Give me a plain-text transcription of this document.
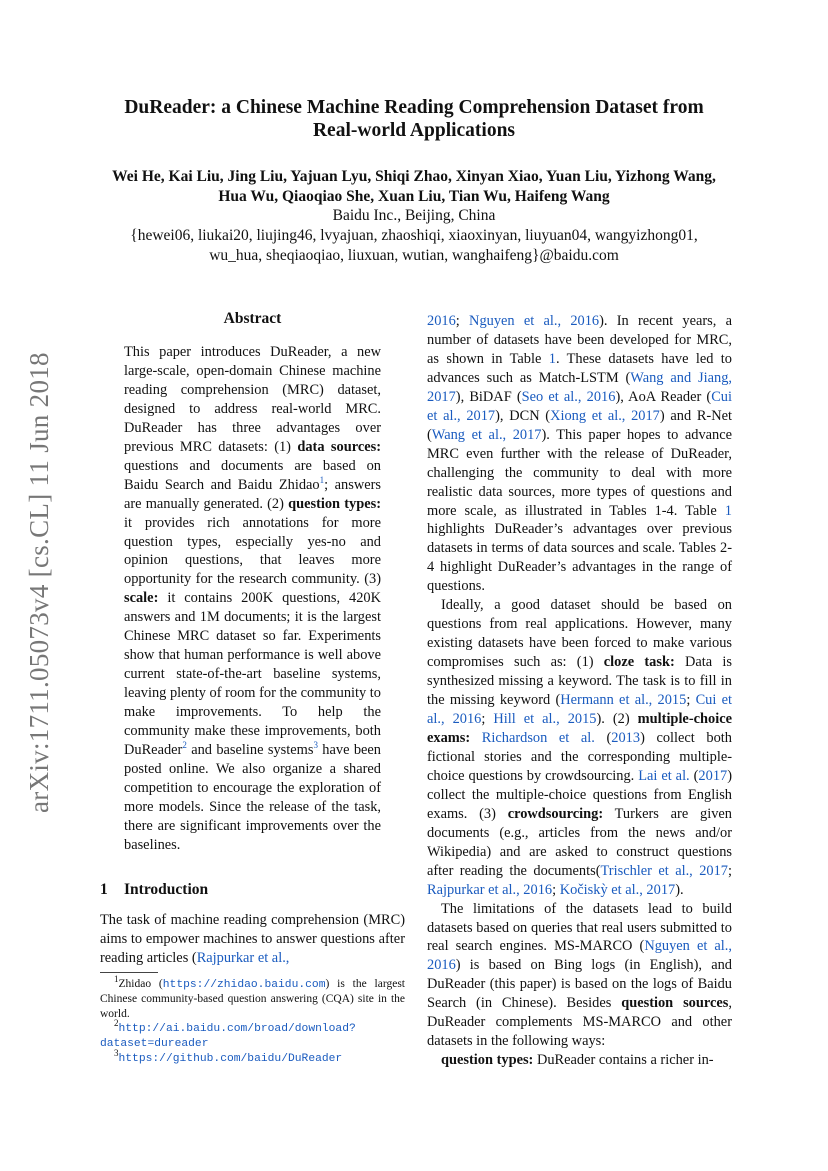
arXiv:1711.05073v4 [cs.CL] 11 Jun 2018
DuReader: a Chinese Machine Reading Comprehension Dataset from
Real-world Applications
Wei He, Kai Liu, Jing Liu, Yajuan Lyu, Shiqi Zhao, Xinyan Xiao, Yuan Liu, Yizhong Wang,
Hua Wu, Qiaoqiao She, Xuan Liu, Tian Wu, Haifeng Wang
Baidu Inc., Beijing, China
{hewei06, liukai20, liujing46, lvyajuan, zhaoshiqi, xiaoxinyan, liuyuan04, wangyizhong01,
wu_hua, sheqiaoqiao, liuxuan, wutian, wanghaifeng}@baidu.com
Abstract
This paper introduces DuReader, a new large-scale, open-domain Chinese machine reading comprehension (MRC) dataset, designed to address real-world MRC. DuReader has three advantages over previous MRC datasets: (1) data sources: questions and documents are based on Baidu Search and Baidu Zhidao$^1$; answers are manually generated. (2) question types: it provides rich annotations for more question types, especially yes-no and opinion questions, that leaves more opportunity for the research community. (3) scale: it contains 200K questions, 420K answers and 1M documents; it is the largest Chinese MRC dataset so far. Experiments show that human performance is well above current state-of-the-art baseline systems, leaving plenty of room for the community to make improvements. To help the community make these improvements, both DuReader$^2$ and baseline systems$^3$ have been posted online. We also organize a shared competition to encourage the exploration of more models. Since the release of the task, there are significant improvements over the baselines.
1 Introduction
The task of machine reading comprehension (MRC) aims to empower machines to answer questions after reading articles (Rajpurkar et al.,
$^1$Zhidao (https://zhidao.baidu.com) is the largest Chinese community-based question answering (CQA) site in the world.
$^2$http://ai.baidu.com/broad/download?
dataset=dureader
$^3$https://github.com/baidu/DuReader

2016; Nguyen et al., 2016). In recent years, a number of datasets have been developed for MRC, as shown in Table 1. These datasets have led to advances such as Match-LSTM (Wang and Jiang, 2017), BiDAF (Seo et al., 2016), AoA Reader (Cui et al., 2017), DCN (Xiong et al., 2017) and R-Net (Wang et al., 2017). This paper hopes to advance MRC even further with the release of DuReader, challenging the community to deal with more realistic data sources, more types of questions and more scale, as illustrated in Tables 1-4. Table 1 highlights DuReader’s advantages over previous datasets in terms of data sources and scale. Tables 2-4 highlight DuReader’s advantages in the range of questions.

Ideally, a good dataset should be based on questions from real applications. However, many existing datasets have been forced to make various compromises such as: (1) cloze task: Data is synthesized missing a keyword. The task is to fill in the missing keyword (Hermann et al., 2015; Cui et al., 2016; Hill et al., 2015). (2) multiple-choice exams: Richardson et al. (2013) collect both fictional stories and the corresponding multiple-choice questions by crowdsourcing. Lai et al. (2017) collect the multiple-choice questions from English exams. (3) crowdsourcing: Turkers are given documents (e.g., articles from the news and/or Wikipedia) and are asked to construct questions after reading the documents(Trischler et al., 2017; Rajpurkar et al., 2016; Kočiskỳ et al., 2017).

The limitations of the datasets lead to build datasets based on queries that real users submitted to real search engines. MS-MARCO (Nguyen et al., 2016) is based on Bing logs (in English), and DuReader (this paper) is based on the logs of Baidu Search (in Chinese). Besides question sources, DuReader complements MS-MARCO and other datasets in the following ways:

question types: DuReader contains a richer in-
